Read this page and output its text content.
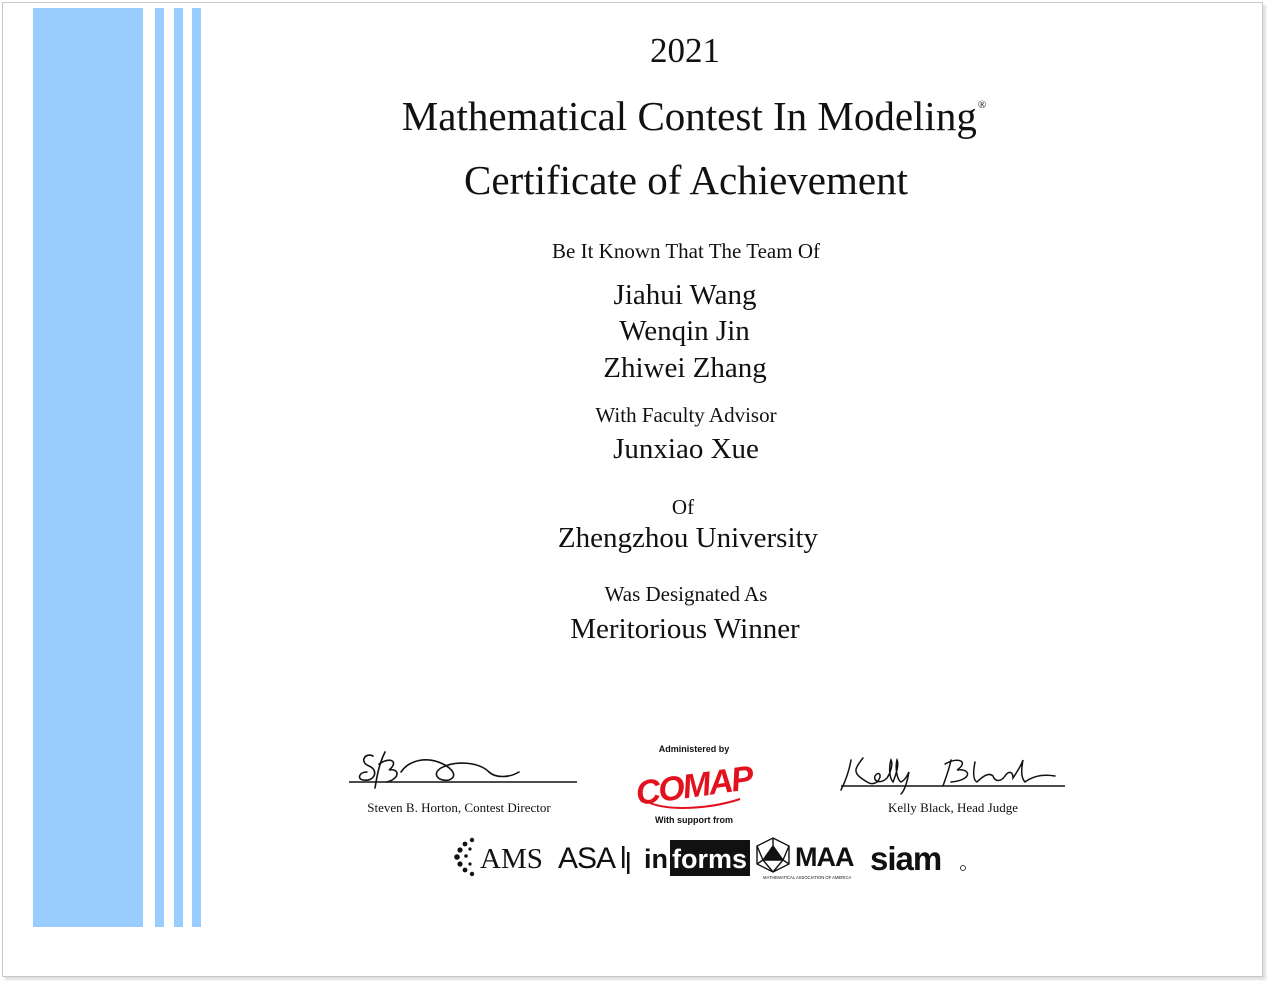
2021
Mathematical Contest In Modeling®
Certificate of Achievement
Be It Known That The Team Of
Jiahui Wang
Wenqin Jin
Zhiwei Zhang
With Faculty Advisor
Junxiao Xue
Of
Zhengzhou University
Was Designated As
Meritorious Winner
Steven B. Horton, Contest Director
Administered by
COMAP
With support from
Kelly Black, Head Judge
AMS ASA in forms
informs
MAA
MATHEMATICAL ASSOCIATION OF AMERICA
siam
